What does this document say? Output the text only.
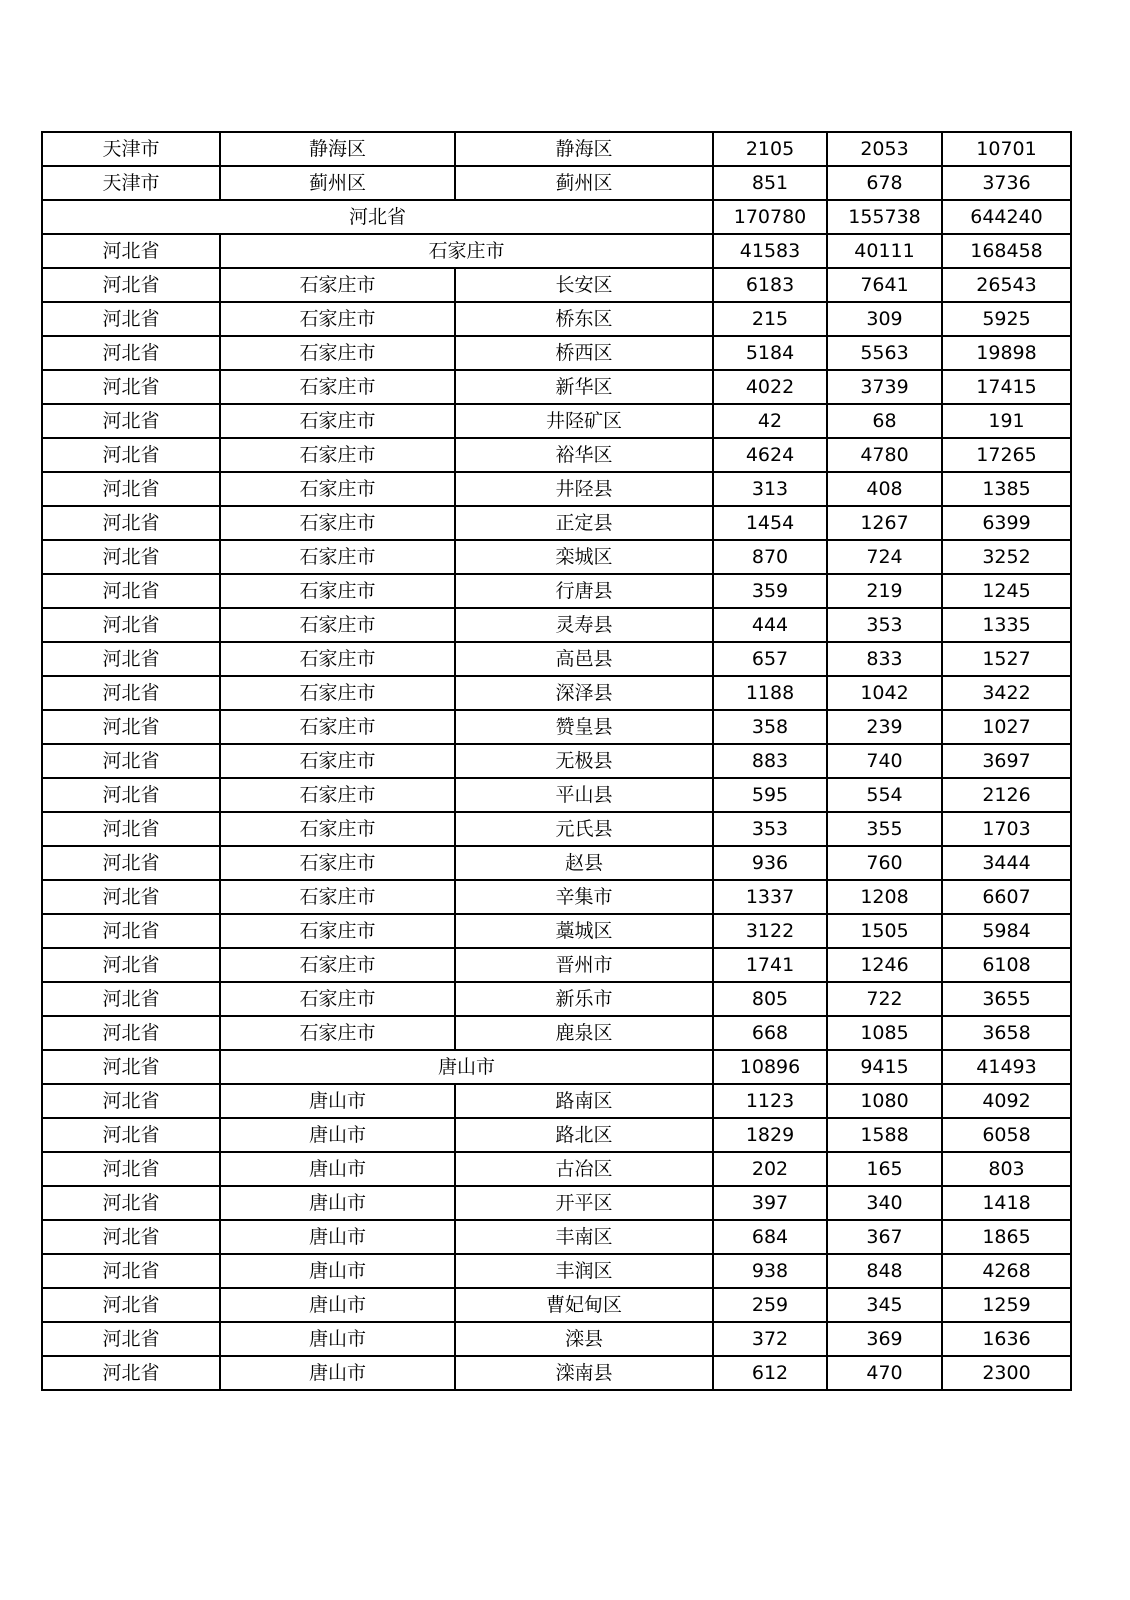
天津市	静海区	静海区	2105	2053	10701
天津市	蓟州区	蓟州区	851	678	3736
河北省			170780	155738	644240
河北省	石家庄市		41583	40111	168458
河北省	石家庄市	长安区	6183	7641	26543
河北省	石家庄市	桥东区	215	309	5925
河北省	石家庄市	桥西区	5184	5563	19898
河北省	石家庄市	新华区	4022	3739	17415
河北省	石家庄市	井陉矿区	42	68	191
河北省	石家庄市	裕华区	4624	4780	17265
河北省	石家庄市	井陉县	313	408	1385
河北省	石家庄市	正定县	1454	1267	6399
河北省	石家庄市	栾城区	870	724	3252
河北省	石家庄市	行唐县	359	219	1245
河北省	石家庄市	灵寿县	444	353	1335
河北省	石家庄市	高邑县	657	833	1527
河北省	石家庄市	深泽县	1188	1042	3422
河北省	石家庄市	赞皇县	358	239	1027
河北省	石家庄市	无极县	883	740	3697
河北省	石家庄市	平山县	595	554	2126
河北省	石家庄市	元氏县	353	355	1703
河北省	石家庄市	赵县	936	760	3444
河北省	石家庄市	辛集市	1337	1208	6607
河北省	石家庄市	藁城区	3122	1505	5984
河北省	石家庄市	晋州市	1741	1246	6108
河北省	石家庄市	新乐市	805	722	3655
河北省	石家庄市	鹿泉区	668	1085	3658
河北省	唐山市		10896	9415	41493
河北省	唐山市	路南区	1123	1080	4092
河北省	唐山市	路北区	1829	1588	6058
河北省	唐山市	古冶区	202	165	803
河北省	唐山市	开平区	397	340	1418
河北省	唐山市	丰南区	684	367	1865
河北省	唐山市	丰润区	938	848	4268
河北省	唐山市	曹妃甸区	259	345	1259
河北省	唐山市	滦县	372	369	1636
河北省	唐山市	滦南县	612	470	2300
